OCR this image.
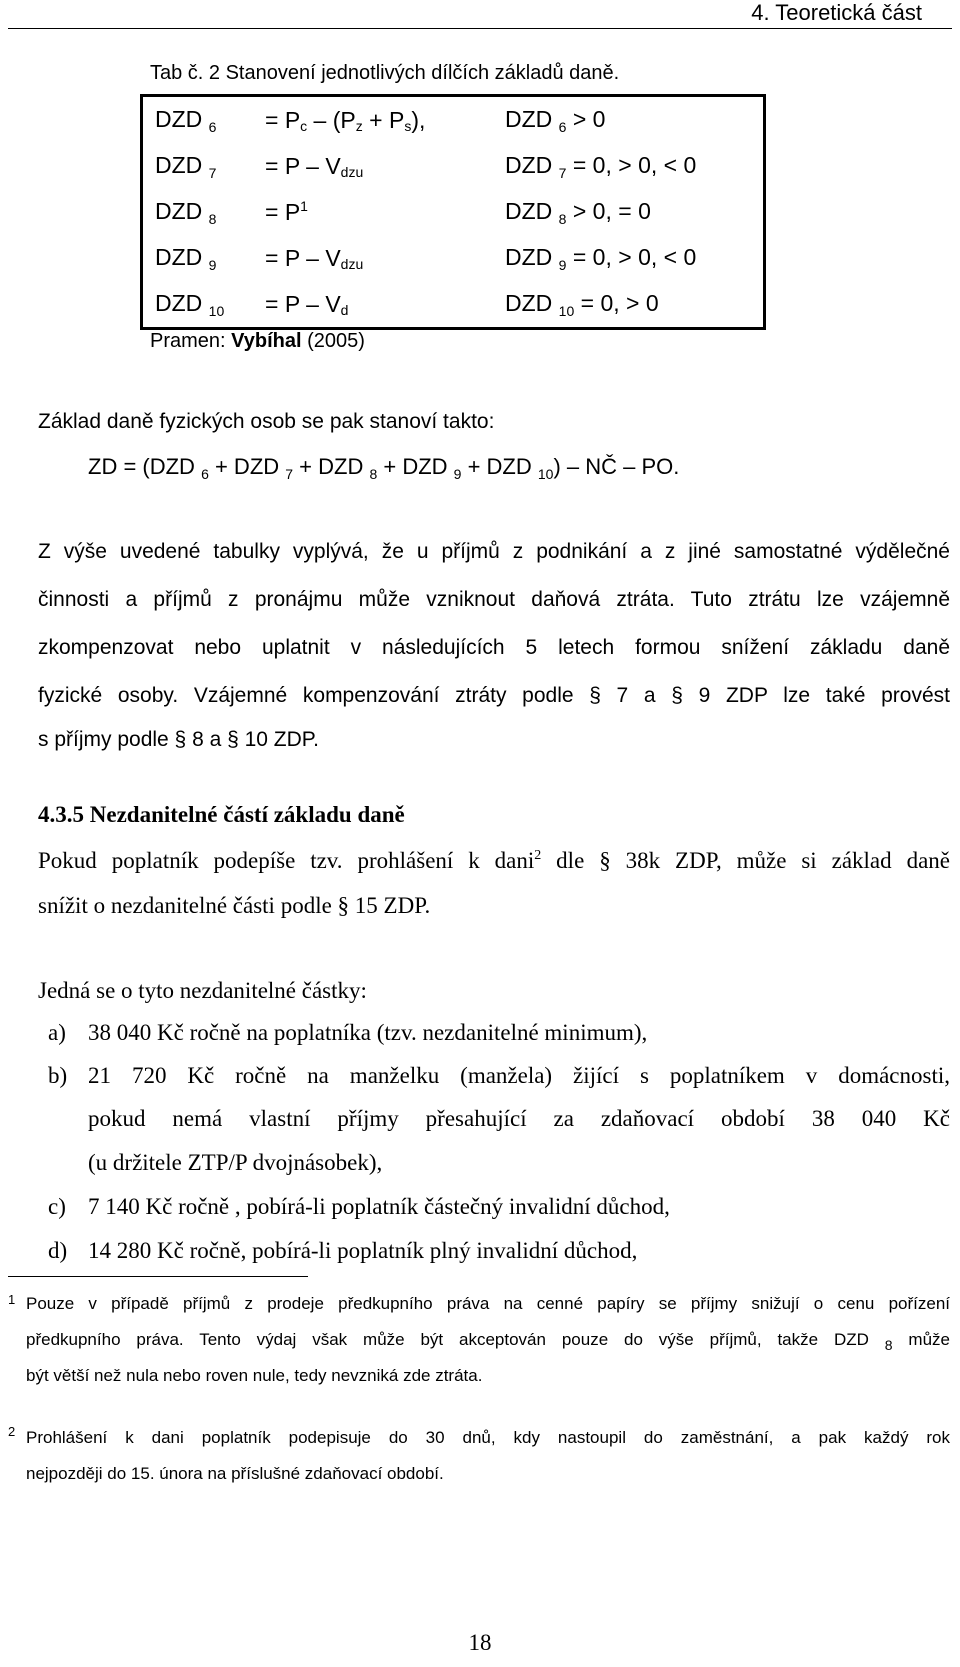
4. Teoretická část
Tab č. 2 Stanovení jednotlivých dílčích základů daně.
DZD $_6$	= Pc – (Pz + Ps),	DZD $_6$ > 0
DZD $_7$	= P – Vdzu	DZD $_7$ = 0, > 0, < 0
DZD $_8$	= $P^1$	DZD $_8$ > 0, = 0
DZD $_9$	= P – Vdzu	DZD $_9$ = 0, > 0, < 0
DZD $_{10}$	= P – Vd	DZD $_{10}$ = 0, > 0
Pramen: Vybíhal (2005)
Základ daně fyzických osob se pak stanoví takto:
ZD = (DZD $_6$ + DZD $_7$ + DZD $_8$ + DZD $_9$ + DZD $_{10}$) – NČ – PO.
Z výše uvedené tabulky vyplývá, že u příjmů z podnikání a z jiné samostatné výdělečné
činnosti a příjmů z pronájmu může vzniknout daňová ztráta. Tuto ztrátu lze vzájemně
zkompenzovat nebo uplatnit v následujících 5 letech formou snížení základu daně
fyzické osoby. Vzájemné kompenzování ztráty podle § 7 a § 9 ZDP lze také provést
s příjmy podle § 8 a § 10 ZDP.
4.3.5 Nezdanitelné částí základu daně
Pokud poplatník podepíše tzv. prohlášení k dani$^2$ dle § 38k ZDP, může si základ daně
snížit o nezdanitelné části podle § 15 ZDP.
Jedná se o tyto nezdanitelné částky:
a) 38 040 Kč ročně na poplatníka (tzv. nezdanitelné minimum),
b) 21 720 Kč ročně na manželku (manžela) žijící s poplatníkem v domácnosti,
pokud nemá vlastní příjmy přesahující za zdaňovací období 38 040 Kč
(u držitele ZTP/P dvojnásobek),
c) 7 140 Kč ročně , pobírá-li poplatník částečný invalidní důchod,
d) 14 280 Kč ročně, pobírá-li poplatník plný invalidní důchod,
1 Pouze v případě příjmů z prodeje předkupního práva na cenné papíry se příjmy snižují o cenu pořízení
předkupního práva. Tento výdaj však může být akceptován pouze do výše příjmů, takže DZD $_8$ může
být větší než nula nebo roven nule, tedy nevzniká zde ztráta.
2 Prohlášení k dani poplatník podepisuje do 30 dnů, kdy nastoupil do zaměstnání, a pak každý rok
nejpozději do 15. února na příslušné zdaňovací období.
18
